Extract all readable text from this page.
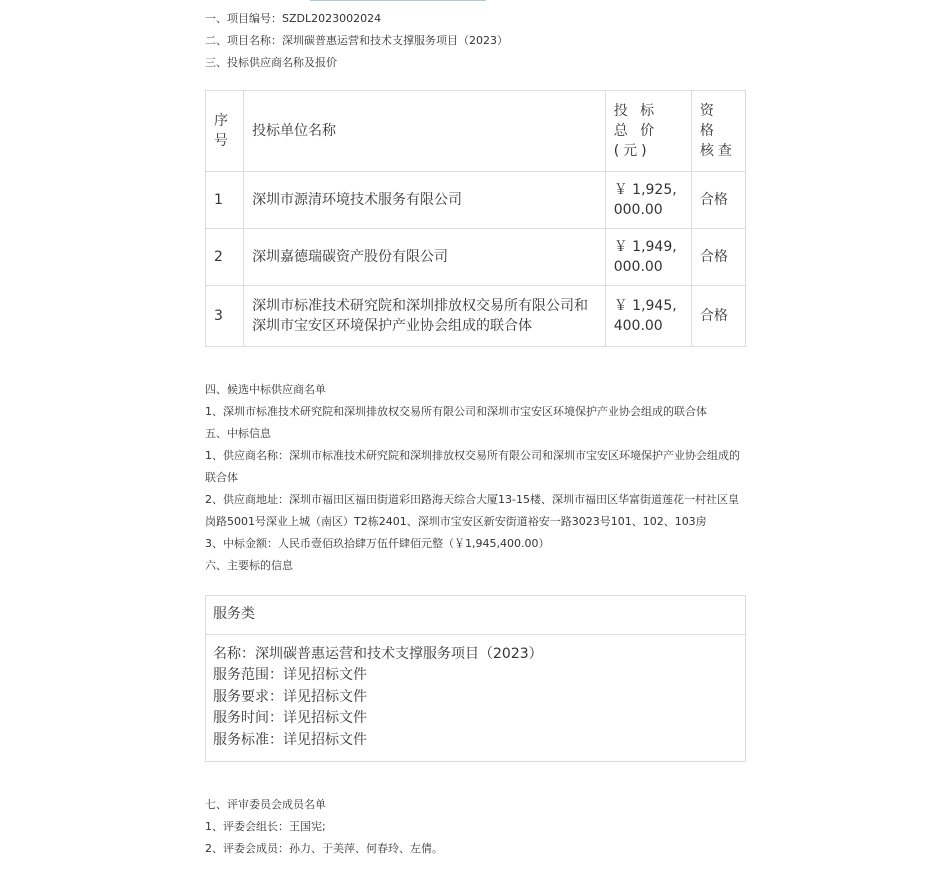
一、项目编号：SZDL2023002024

二、项目名称：深圳碳普惠运营和技术支撑服务项目（2023）

三、投标供应商名称及报价

序号	投标单位名称	投 标 总 价(元)	资 格 核查
1	深圳市源清环境技术服务有限公司	￥ 1,925,000.00	合格
2	深圳嘉德瑞碳资产股份有限公司	￥ 1,949,000.00	合格
3	深圳市标准技术研究院和深圳排放权交易所有限公司和深圳市宝安区环境保护产业协会组成的联合体	￥ 1,945,400.00	合格

四、候选中标供应商名单

1、深圳市标准技术研究院和深圳排放权交易所有限公司和深圳市宝安区环境保护产业协会组成的联合体

五、中标信息

1、供应商名称：深圳市标准技术研究院和深圳排放权交易所有限公司和深圳市宝安区环境保护产业协会组成的联合体

2、供应商地址：深圳市福田区福田街道彩田路海天综合大厦13-15楼、深圳市福田区华富街道莲花一村社区皇岗路5001号深业上城（南区）T2栋2401、深圳市宝安区新安街道裕安一路3023号101、102、103房

3、中标金额：人民币壹佰玖拾肆万伍仟肆佰元整（￥1,945,400.00）

六、主要标的信息

服务类
名称：深圳碳普惠运营和技术支撑服务项目（2023）
服务范围：详见招标文件
服务要求：详见招标文件
服务时间：详见招标文件
服务标准：详见招标文件

七、评审委员会成员名单

1、评委会组长：王国宪;

2、评委会成员：孙力、于美萍、何春玲、左倩。
